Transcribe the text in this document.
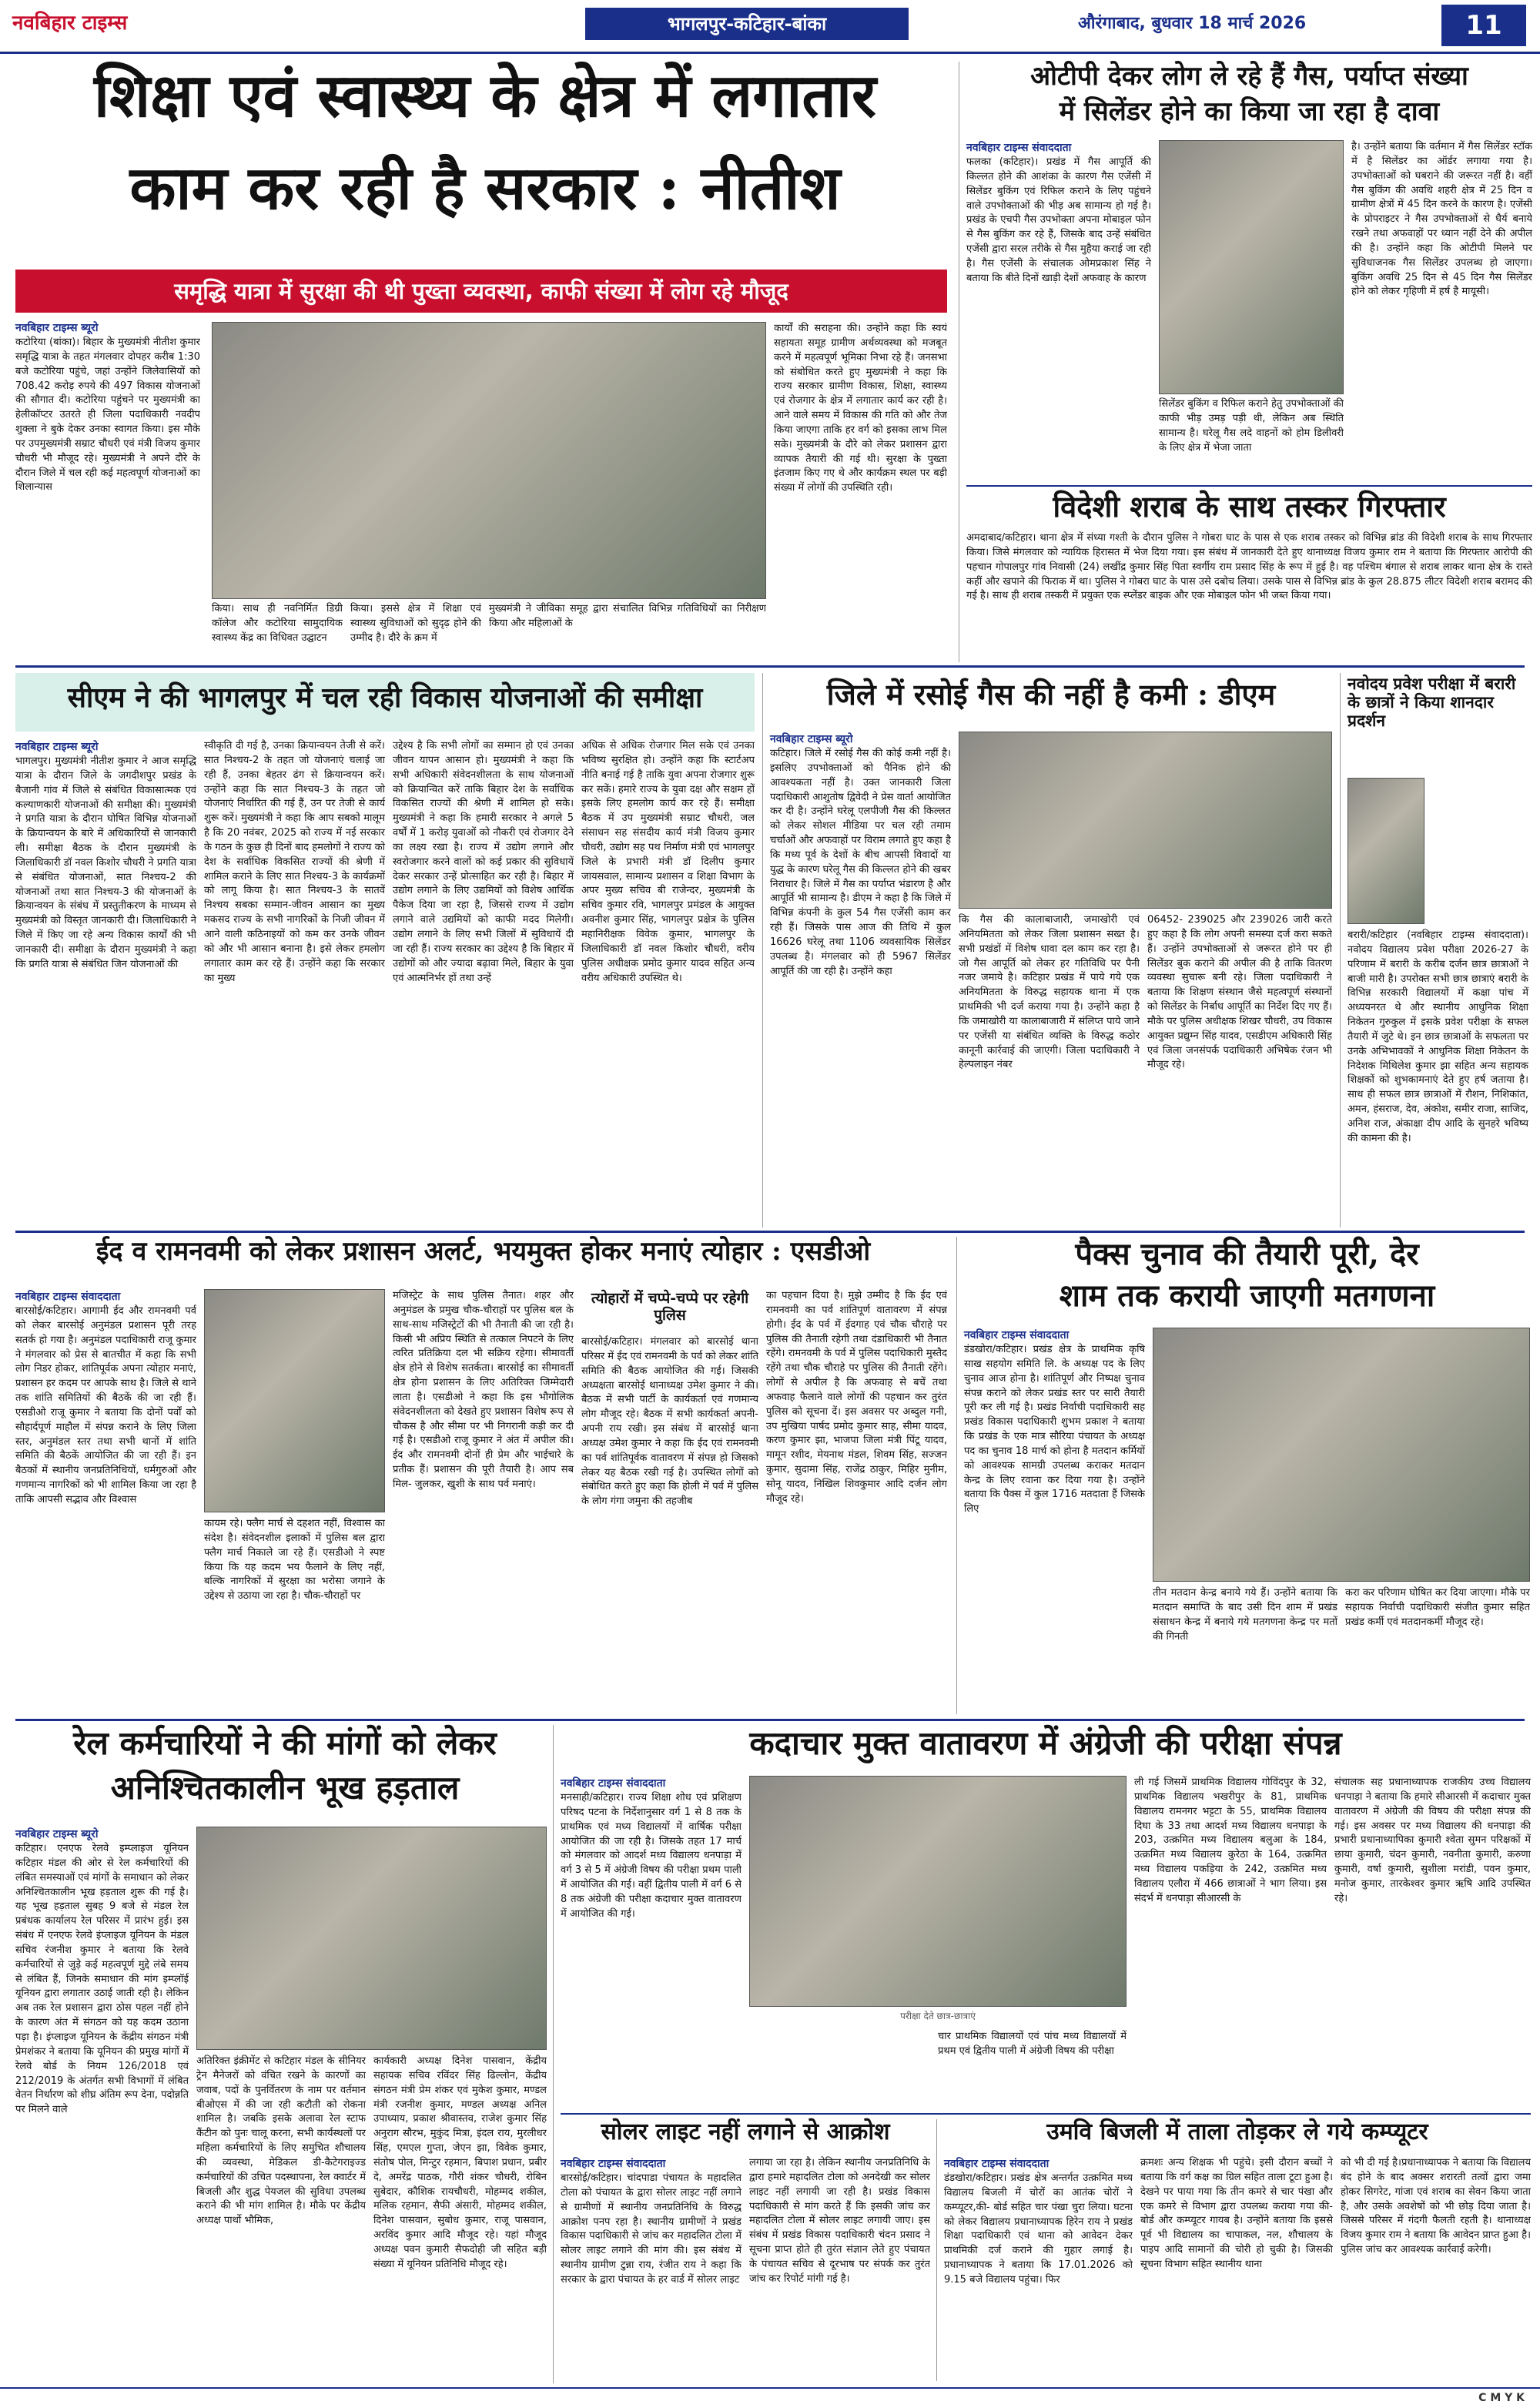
नवबिहार टाइम्स	भागलपुर-कटिहार-बांका	औरंगाबाद, बुधवार 18 मार्च 2026	11
शिक्षा एवं स्वास्थ्य के क्षेत्र में लगातार
काम कर रही है सरकार : नीतीश
समृद्धि यात्रा में सुरक्षा की थी पुख्ता व्यवस्था, काफी संख्या में लोग रहे मौजूद
नवबिहार टाइम्स ब्यूरो
कटोरिया (बांका)। बिहार के मुख्यमंत्री नीतीश कुमार समृद्धि यात्रा के तहत मंगलवार दोपहर करीब 1:30 बजे कटोरिया पहुंचे, जहां उन्होंने जिलेवासियों को 708.42 करोड़ रुपये की 497 विकास योजनाओं की सौगात दी। कटोरिया पहुंचने पर मुख्यमंत्री का हेलीकॉप्टर उतरते ही जिला पदाधिकारी नवदीप शुक्ला ने बुके देकर उनका स्वागत किया। इस मौके पर उपमुख्यमंत्री सम्राट चौधरी एवं मंत्री विजय कुमार चौधरी भी मौजूद रहे। मुख्यमंत्री ने अपने दौरे के दौरान जिले में चल रही कई महत्वपूर्ण योजनाओं का शिलान्यास
किया। साथ ही नवनिर्मित डिग्री कॉलेज और कटोरिया सामुदायिक स्वास्थ्य केंद्र का विधिवत उद्घाटन
किया। इससे क्षेत्र में शिक्षा एवं स्वास्थ्य सुविधाओं को सुदृढ़ होने की उम्मीद है। दौरे के क्रम में
मुख्यमंत्री ने जीविका समूह द्वारा संचालित विभिन्न गतिविधियों का निरीक्षण किया और महिलाओं के
कार्यों की सराहना की। उन्होंने कहा कि स्वयं सहायता समूह ग्रामीण अर्थव्यवस्था को मजबूत करने में महत्वपूर्ण भूमिका निभा रहे हैं। जनसभा को संबोधित करते हुए मुख्यमंत्री ने कहा कि राज्य सरकार ग्रामीण विकास, शिक्षा, स्वास्थ्य एवं रोजगार के क्षेत्र में लगातार कार्य कर रही है। आने वाले समय में विकास की गति को और तेज किया जाएगा ताकि हर वर्ग को इसका लाभ मिल सके। मुख्यमंत्री के दौरे को लेकर प्रशासन द्वारा व्यापक तैयारी की गई थी। सुरक्षा के पुख्ता इंतजाम किए गए थे और कार्यक्रम स्थल पर बड़ी संख्या में लोगों की उपस्थिति रही।
ओटीपी देकर लोग ले रहे हैं गैस, पर्याप्त संख्या
में सिलेंडर होने का किया जा रहा है दावा
नवबिहार टाइम्स संवाददाता
फलका (कटिहार)। प्रखंड में गैस आपूर्ति की किल्लत होने की आशंका के कारण गैस एजेंसी में सिलेंडर बुकिंग एवं रिफिल कराने के लिए पहुंचने वाले उपभोक्ताओं की भीड़ अब सामान्य हो गई है। प्रखंड के एचपी गैस उपभोक्ता अपना मोबाइल फोन से गैस बुकिंग कर रहे हैं, जिसके बाद उन्हें संबंधित एजेंसी द्वारा सरल तरीके से गैस मुहैया कराई जा रही है। गैस एजेंसी के संचालक ओमप्रकाश सिंह ने बताया कि बीते दिनों खाड़ी देशों अफवाह के कारण
सिलेंडर बुकिंग व रिफिल कराने हेतु उपभोक्ताओं की काफी भीड़ उमड़ पड़ी थी, लेकिन अब स्थिति सामान्य है। घरेलू गैस लदे वाहनों को होम डिलीवरी के लिए क्षेत्र में भेजा जाता
है। उन्होंने बताया कि वर्तमान में गैस सिलेंडर स्टॉक में है सिलेंडर का ऑर्डर लगाया गया है। उपभोक्ताओं को घबराने की जरूरत नहीं है। वहीं गैस बुकिंग की अवधि शहरी क्षेत्र में 25 दिन व ग्रामीण क्षेत्रों में 45 दिन करने के कारण है। एजेंसी के प्रोपराइटर ने गैस उपभोक्ताओं से धैर्य बनाये रखने तथा अफवाहों पर ध्यान नहीं देने की अपील की है। उन्होंने कहा कि ओटीपी मिलने पर सुविधाजनक गैस सिलेंडर उपलब्ध हो जाएगा। बुकिंग अवधि 25 दिन से 45 दिन गैस सिलेंडर होने को लेकर गृहिणी में हर्ष है मायूसी।
विदेशी शराब के साथ तस्कर गिरफ्तार
अमदाबाद/कटिहार। थाना क्षेत्र में संध्या गश्ती के दौरान पुलिस ने गोबरा घाट के पास से एक शराब तस्कर को विभिन्न ब्रांड की विदेशी शराब के साथ गिरफ्तार किया। जिसे मंगलवार को न्यायिक हिरासत में भेज दिया गया। इस संबंध में जानकारी देते हुए थानाध्यक्ष विजय कुमार राम ने बताया कि गिरफ्तार आरोपी की पहचान गोपालपुर गांव निवासी (24) लखींद्र कुमार सिंह पिता स्वर्गीय राम प्रसाद सिंह के रूप में हुई है। वह पश्चिम बंगाल से शराब लाकर थाना क्षेत्र के रास्ते कहीं और खपाने की फिराक में था। पुलिस ने गोबरा घाट के पास उसे दबोच लिया। उसके पास से विभिन्न ब्रांड के कुल 28.875 लीटर विदेशी शराब बरामद की गई है। साथ ही शराब तस्करी में प्रयुक्त एक स्प्लेंडर बाइक और एक मोबाइल फोन भी जब्त किया गया।
सीएम ने की भागलपुर में चल रही विकास योजनाओं की समीक्षा
नवबिहार टाइम्स ब्यूरो
भागलपुर। मुख्यमंत्री नीतीश कुमार ने आज समृद्धि यात्रा के दौरान जिले के जगदीशपुर प्रखंड के बैजानी गांव में जिले से संबंधित विकासात्मक एवं कल्याणकारी योजनाओं की समीक्षा की। मुख्यमंत्री ने प्रगति यात्रा के दौरान घोषित विभिन्न योजनाओं के क्रियान्वयन के बारे में अधिकारियों से जानकारी ली। समीक्षा बैठक के दौरान मुख्यमंत्री के जिलाधिकारी डॉ नवल किशोर चौधरी ने प्रगति यात्रा से संबंधित योजनाओं, सात निश्चय-2 की योजनाओं तथा सात निश्चय-3 की योजनाओं के क्रियान्वयन के संबंध में प्रस्तुतीकरण के माध्यम से मुख्यमंत्री को विस्तृत जानकारी दी। जिलाधिकारी ने जिले में किए जा रहे अन्य विकास कार्यों की भी जानकारी दी। समीक्षा के दौरान मुख्यमंत्री ने कहा कि प्रगति यात्रा से संबंधित जिन योजनाओं की
स्वीकृति दी गई है, उनका क्रियान्वयन तेजी से करें। सात निश्चय-2 के तहत जो योजनाएं चलाई जा रही हैं, उनका बेहतर ढंग से क्रियान्वयन करें। उन्होंने कहा कि सात निश्चय-3 के तहत जो योजनाएं निर्धारित की गई हैं, उन पर तेजी से कार्य शुरू करें। मुख्यमंत्री ने कहा कि आप सबको मालूम है कि 20 नवंबर, 2025 को राज्य में नई सरकार के गठन के कुछ ही दिनों बाद हमलोगों ने राज्य को देश के सर्वाधिक विकसित राज्यों की श्रेणी में शामिल कराने के लिए सात निश्चय-3 के कार्यक्रमों को लागू किया है। सात निश्चय-3 के सातवें निश्चय सबका सम्मान-जीवन आसान का मुख्य मकसद राज्य के सभी नागरिकों के निजी जीवन में आने वाली कठिनाइयों को कम कर उनके जीवन को और भी आसान बनाना है। इसे लेकर हमलोग लगातार काम कर रहे हैं। उन्होंने कहा कि सरकार का मुख्य
उद्देश्य है कि सभी लोगों का सम्मान हो एवं उनका जीवन यापन आसान हो। मुख्यमंत्री ने कहा कि सभी अधिकारी संवेदनशीलता के साथ योजनाओं को क्रियान्वित करें ताकि बिहार देश के सर्वाधिक विकसित राज्यों की श्रेणी में शामिल हो सके। मुख्यमंत्री ने कहा कि हमारी सरकार ने अगले 5 वर्षों में 1 करोड़ युवाओं को नौकरी एवं रोजगार देने का लक्ष्य रखा है। राज्य में उद्योग लगाने और स्वरोजगार करने वालों को कई प्रकार की सुविधायें देकर सरकार उन्हें प्रोत्साहित कर रही है। बिहार में उद्योग लगाने के लिए उद्यमियों को विशेष आर्थिक पैकेज दिया जा रहा है, जिससे राज्य में उद्योग लगाने वाले उद्यमियों को काफी मदद मिलेगी। उद्योग लगाने के लिए सभी जिलों में सुविधायें दी जा रही हैं। राज्य सरकार का उद्देश्य है कि बिहार में उद्योगों को और ज्यादा बढ़ावा मिले, बिहार के युवा एवं आत्मनिर्भर हों तथा उन्हें
अधिक से अधिक रोजगार मिल सके एवं उनका भविष्य सुरक्षित हो। उन्होंने कहा कि स्टार्टअप नीति बनाई गई है ताकि युवा अपना रोजगार शुरू कर सकें। हमारे राज्य के युवा दक्ष और सक्षम हों इसके लिए हमलोग कार्य कर रहे हैं। समीक्षा बैठक में उप मुख्यमंत्री सम्राट चौधरी, जल संसाधन सह संसदीय कार्य मंत्री विजय कुमार चौधरी, उद्योग सह पथ निर्माण मंत्री एवं भागलपुर जिले के प्रभारी मंत्री डॉ दिलीप कुमार जायसवाल, सामान्य प्रशासन व शिक्षा विभाग के अपर मुख्य सचिव बी राजेन्दर, मुख्यमंत्री के सचिव कुमार रवि, भागलपुर प्रमंडल के आयुक्त अवनीश कुमार सिंह, भागलपुर प्रक्षेत्र के पुलिस महानिरीक्षक विवेक कुमार, भागलपुर के जिलाधिकारी डॉ नवल किशोर चौधरी, वरीय पुलिस अधीक्षक प्रमोद कुमार यादव सहित अन्य वरीय अधिकारी उपस्थित थे।
जिले में रसोई गैस की नहीं है कमी : डीएम
नवबिहार टाइम्स ब्यूरो
कटिहार। जिले में रसोई गैस की कोई कमी नहीं है। इसलिए उपभोक्ताओं को पैनिक होने की आवश्यकता नहीं है। उक्त जानकारी जिला पदाधिकारी आशुतोष द्विवेदी ने प्रेस वार्ता आयोजित कर दी है। उन्होंने घरेलू एलपीजी गैस की किल्लत को लेकर सोशल मीडिया पर चल रही तमाम चर्चाओं और अफवाहों पर विराम लगाते हुए कहा है कि मध्य पूर्व के देशों के बीच आपसी विवादों या युद्ध के कारण घरेलू गैस की किल्लत होने की खबर निराधार है। जिले में गैस का पर्याप्त भंडारण है और आपूर्ति भी सामान्य है। डीएम ने कहा है कि जिले में विभिन्न कंपनी के कुल 54 गैस एजेंसी काम कर रही हैं। जिसके पास आज की तिथि में कुल 16626 घरेलू तथा 1106 व्यवसायिक सिलेंडर उपलब्ध है। मंगलवार को ही 5967 सिलेंडर आपूर्ति की जा रही है। उन्होंने कहा
कि गैस की कालाबाजारी, जमाखोरी एवं अनियमितता को लेकर जिला प्रशासन सख्त है। सभी प्रखंडों में विशेष धावा दल काम कर रहा है। जो गैस आपूर्ति को लेकर हर गतिविधि पर पैनी नजर जमाये है। कटिहार प्रखंड में पाये गये एक अनियमितता के विरुद्ध सहायक थाना में एक प्राथमिकी भी दर्ज कराया गया है। उन्होंने कहा है कि जमाखोरी या कालाबाजारी में संलिप्त पाये जाने पर एजेंसी या संबंधित व्यक्ति के विरुद्ध कठोर कानूनी कार्रवाई की जाएगी। जिला पदाधिकारी ने हेल्पलाइन नंबर
06452- 239025 और 239026 जारी करते हुए कहा है कि लोग अपनी समस्या दर्ज करा सकते हैं। उन्होंने उपभोक्ताओं से जरूरत होने पर ही सिलेंडर बुक कराने की अपील की है ताकि वितरण व्यवस्था सुचारू बनी रहे। जिला पदाधिकारी ने बताया कि शिक्षण संस्थान जैसे महत्वपूर्ण संस्थानों को सिलेंडर के निर्बाध आपूर्ति का निर्देश दिए गए हैं। मौके पर पुलिस अधीक्षक शिखर चौधरी, उप विकास आयुक्त प्रद्युम्न सिंह यादव, एसडीएम अधिकारी सिंह एवं जिला जनसंपर्क पदाधिकारी अभिषेक रंजन भी मौजूद रहे।
नवोदय प्रवेश परीक्षा में बरारी के छात्रों ने किया शानदार प्रदर्शन
बरारी/कटिहार (नवबिहार टाइम्स संवाददाता)। नवोदय विद्यालय प्रवेश परीक्षा 2026-27 के परिणाम में बरारी के करीब दर्जन छात्र छात्राओं ने बाजी मारी है। उपरोक्त सभी छात्र छात्राएं बरारी के विभिन्न सरकारी विद्यालयों में कक्षा पांच में अध्ययनरत थे और स्थानीय आधुनिक शिक्षा निकेतन गुरुकुल में इसके प्रवेश परीक्षा के सफल तैयारी में जुटे थे। इन छात्र छात्राओं के सफलता पर उनके अभिभावकों ने आधुनिक शिक्षा निकेतन के निदेशक मिथिलेश कुमार झा सहित अन्य सहायक शिक्षकों को शुभकामनाएं देते हुए हर्ष जताया है। साथ ही सफल छात्र छात्राओं में रौशन, निशिकांत, अमन, हंसराज, देव, अंकोश, समीर राजा, साजिद, अनिश राज, अंकाक्षा दीप आदि के सुनहरे भविष्य की कामना की है।
ईद व रामनवमी को लेकर प्रशासन अलर्ट, भयमुक्त होकर मनाएं त्योहार : एसडीओ
नवबिहार टाइम्स संवाददाता
बारसोई/कटिहार। आगामी ईद और रामनवमी पर्व को लेकर बारसोई अनुमंडल प्रशासन पूरी तरह सतर्क हो गया है। अनुमंडल पदाधिकारी राजू कुमार ने मंगलवार को प्रेस से बातचीत में कहा कि सभी लोग निडर होकर, शांतिपूर्वक अपना त्योहार मनाएं, प्रशासन हर कदम पर आपके साथ है। जिले से थाने तक शांति समितियों की बैठकें की जा रही हैं। एसडीओ राजू कुमार ने बताया कि दोनों पर्वों को सौहार्दपूर्ण माहौल में संपन्न कराने के लिए जिला स्तर, अनुमंडल स्तर तथा सभी थानों में शांति समिति की बैठकें आयोजित की जा रही हैं। इन बैठकों में स्थानीय जनप्रतिनिधियों, धर्मगुरुओं और गणमान्य नागरिकों को भी शामिल किया जा रहा है ताकि आपसी सद्भाव और विश्वास
कायम रहे। फ्लैग मार्च से दहशत नहीं, विश्वास का संदेश है। संवेदनशील इलाकों में पुलिस बल द्वारा फ्लैग मार्च निकाले जा रहे हैं। एसडीओ ने स्पष्ट किया कि यह कदम भय फैलाने के लिए नहीं, बल्कि नागरिकों में सुरक्षा का भरोसा जगाने के उद्देश्य से उठाया जा रहा है। चौक-चौराहों पर
मजिस्ट्रेट के साथ पुलिस तैनात। शहर और अनुमंडल के प्रमुख चौक-चौराहों पर पुलिस बल के साथ-साथ मजिस्ट्रेटों की भी तैनाती की जा रही है। किसी भी अप्रिय स्थिति से तत्काल निपटने के लिए त्वरित प्रतिक्रिया दल भी सक्रिय रहेगा। सीमावर्ती क्षेत्र होने से विशेष सतर्कता। बारसोई का सीमावर्ती क्षेत्र होना प्रशासन के लिए अतिरिक्त जिम्मेदारी लाता है। एसडीओ ने कहा कि इस भौगोलिक संवेदनशीलता को देखते हुए प्रशासन विशेष रूप से चौकस है और सीमा पर भी निगरानी कड़ी कर दी गई है। एसडीओ राजू कुमार ने अंत में अपील की। ईद और रामनवमी दोनों ही प्रेम और भाईचारे के प्रतीक हैं। प्रशासन की पूरी तैयारी है। आप सब मिल- जुलकर, खुशी के साथ पर्व मनाएं।
त्योहारों में चप्पे-चप्पे पर रहेगी पुलिस
बारसोई/कटिहार। मंगलवार को बारसोई थाना परिसर में ईद एवं रामनवमी के पर्व को लेकर शांति समिति की बैठक आयोजित की गई। जिसकी अध्यक्षता बारसोई थानाध्यक्ष उमेश कुमार ने की। बैठक में सभी पार्टी के कार्यकर्ता एवं गणमान्य लोग मौजूद रहे। बैठक में सभी कार्यकर्ता अपनी-अपनी राय रखी। इस संबंध में बारसोई थाना अध्यक्ष उमेश कुमार ने कहा कि ईद एवं रामनवमी का पर्व शांतिपूर्वक वातावरण में संपन्न हो जिसको लेकर यह बैठक रखी गई है। उपस्थित लोगों को संबोधित करते हुए कहा कि होली में पर्व में पुलिस के लोग गंगा जमुना की तहजीब
का पहचान दिया है। मुझे उम्मीद है कि ईद एवं रामनवमी का पर्व शांतिपूर्ण वातावरण में संपन्न होगी। ईद के पर्व में ईदगाह एवं चौक चौराहे पर पुलिस की तैनाती रहेगी तथा दंडाधिकारी भी तैनात रहेंगे। रामनवमी के पर्व में पुलिस पदाधिकारी मुस्तैद रहेंगे तथा चौक चौराहे पर पुलिस की तैनाती रहेंगे। लोगों से अपील है कि अफवाह से बचें तथा अफवाह फैलाने वाले लोगों की पहचान कर तुरंत पुलिस को सूचना दें। इस अवसर पर अब्दुल गनी, उप मुखिया पार्षद प्रमोद कुमार साह, सीमा यादव, करण कुमार झा, भाजपा जिला मंत्री पिंटू यादव, मामून रशीद, मेयनाथ मंडल, शिवम सिंह, सज्जन कुमार, सुदामा सिंह, राजेंद्र ठाकुर, मिहिर मुनीम, सोनू यादव, निखिल शिवकुमार आदि दर्जन लोग मौजूद रहे।
पैक्स चुनाव की तैयारी पूरी, देर
शाम तक करायी जाएगी मतगणना
नवबिहार टाइम्स संवाददाता
डंडखोरा/कटिहार। प्रखंड क्षेत्र के प्राथमिक कृषि साख सहयोग समिति लि. के अध्यक्ष पद के लिए चुनाव आज होना है। शांतिपूर्ण और निष्पक्ष चुनाव संपन्न कराने को लेकर प्रखंड स्तर पर सारी तैयारी पूरी कर ली गई है। प्रखंड निर्वाची पदाधिकारी सह प्रखंड विकास पदाधिकारी शुभम प्रकाश ने बताया कि प्रखंड के एक मात्र सौरिया पंचायत के अध्यक्ष पद का चुनाव 18 मार्च को होना है मतदान कर्मियों को आवश्यक सामग्री उपलब्ध कराकर मतदान केन्द्र के लिए रवाना कर दिया गया है। उन्होंने बताया कि पैक्स में कुल 1716 मतदाता हैं जिसके लिए
तीन मतदान केन्द्र बनाये गये हैं। उन्होंने बताया कि मतदान समाप्ति के बाद उसी दिन शाम में प्रखंड संसाधन केन्द्र में बनाये गये मतगणना केन्द्र पर मतों की गिनती
करा कर परिणाम घोषित कर दिया जाएगा। मौके पर सहायक निर्वाची पदाधिकारी संजीत कुमार सहित प्रखंड कर्मी एवं मतदानकर्मी मौजूद रहे।
रेल कर्मचारियों ने की मांगों को लेकर
अनिश्चितकालीन भूख हड़ताल
नवबिहार टाइम्स ब्यूरो
कटिहार। एनएफ रेलवे इम्प्लाइज यूनियन कटिहार मंडल की ओर से रेल कर्मचारियों की लंबित समस्याओं एवं मांगों के समाधान को लेकर अनिश्चितकालीन भूख हड़ताल शुरू की गई है। यह भूख हड़ताल सुबह 9 बजे से मंडल रेल प्रबंधक कार्यालय रेल परिसर में प्रारंभ हुई। इस संबंध में एनएफ रेलवे इंप्लाइज यूनियन के मंडल सचिव रंजनीश कुमार ने बताया कि रेलवे कर्मचारियों से जुड़े कई महत्वपूर्ण मुद्दे लंबे समय से लंबित हैं, जिनके समाधान की मांग इम्प्लॉई यूनियन द्वारा लगातार उठाई जाती रही है। लेकिन अब तक रेल प्रशासन द्वारा ठोस पहल नहीं होने के कारण अंत में संगठन को यह कदम उठाना पड़ा है। इंप्लाइज यूनियन के केंद्रीय संगठन मंत्री प्रेमशंकर ने बताया कि यूनियन की प्रमुख मांगों में रेलवे बोर्ड के नियम 126/2018 एवं 212/2019 के अंतर्गत सभी विभागों में लंबित वेतन निर्धारण को शीघ्र अंतिम रूप देना, पदोन्नति पर मिलने वाले
अतिरिक्त इंक्रीमेंट से कटिहार मंडल के सीनियर ट्रेन मैनेजरों को वंचित रखने के कारणों का जवाब, पदों के पुनर्वितरण के नाम पर वर्तमान बीओएस में की जा रही कटौती को रोकना शामिल है। जबकि इसके अलावा रेल स्टाफ कैंटीन को पुनः चालू करना, सभी कार्यस्थलों पर महिला कर्मचारियों के लिए समुचित शौचालय की व्यवस्था, मेडिकल डी-कैटेगराइज्ड कर्मचारियों की उचित पदस्थापना, रेल क्वार्टर में बिजली और शुद्ध पेयजल की सुविधा उपलब्ध कराने की भी मांग शामिल है। मौके पर केंद्रीय अध्यक्ष पार्थो भौमिक,
कार्यकारी अध्यक्ष दिनेश पासवान, केंद्रीय सहायक सचिव रविंदर सिंह ढिल्लोन, केंद्रीय संगठन मंत्री प्रेम शंकर एवं मुकेश कुमार, मण्डल मंत्री रजनीश कुमार, मण्डल अध्यक्ष अनिल उपाध्याय, प्रकाश श्रीवास्तव, राजेश कुमार सिंह अनुराग सौरभ, मुकुंद मित्रा, इंदल राय, मुरलीधर सिंह, एमएल गुप्ता, जेएन झा, विवेक कुमार, संतोष पोल, मिन्टुर रहमान, बिपाश प्रधान, प्रबीर दे, अमरेंद्र पाठक, गौरी शंकर चौधरी, रोबिन सुबेदार, कौशिक रायचौधरी, मोहम्मद शकील, मलिक रहमान, सैफी अंसारी, मोहम्मद शकील, दिनेश पासवान, सुबोध कुमार, राजू पासवान, अरविंद कुमार आदि मौजूद रहे। यहां मौजूद अध्यक्ष पवन कुमारी सैफदोही जी सहित बड़ी संख्या में यूनियन प्रतिनिधि मौजूद रहे।
कदाचार मुक्त वातावरण में अंग्रेजी की परीक्षा संपन्न
नवबिहार टाइम्स संवाददाता
मनसाही/कटिहार। राज्य शिक्षा शोध एवं प्रशिक्षण परिषद पटना के निर्देशानुसार वर्ग 1 से 8 तक के प्राथमिक एवं मध्य विद्यालयों में वार्षिक परीक्षा आयोजित की जा रही है। जिसके तहत 17 मार्च को मंगलवार को आदर्श मध्य विद्यालय धनपाड़ा में वर्ग 3 से 5 में अंग्रेजी विषय की परीक्षा प्रथम पाली में आयोजित की गई। वहीं द्वितीय पाली में वर्ग 6 से 8 तक अंग्रेजी की परीक्षा कदाचार मुक्त वातावरण में आयोजित की गई।
परीक्षा देते छात्र-छात्राएं
चार प्राथमिक विद्यालयों एवं पांच मध्य विद्यालयों में प्रथम एवं द्वितीय पाली में अंग्रेजी विषय की परीक्षा
ली गई जिसमें प्राथमिक विद्यालय गोविंदपुर के 32, प्राथमिक विद्यालय भखरीपुर के 81, प्राथमिक विद्यालय रामनगर भट्टटा के 55, प्राथमिक विद्यालय दिघा के 33 तथा आदर्श मध्य विद्यालय धनपाड़ा के 203, उत्क्रमित मध्य विद्यालय बलुआ के 184, उत्क्रमित मध्य विद्यालय कुरेठा के 164, उत्क्रमित मध्य विद्यालय पकड़िया के 242, उत्क्रमित मध्य विद्यालय एलौरा में 466 छात्राओं ने भाग लिया। इस संदर्भ में धनपाड़ा सीआरसी के
संचालक सह प्रधानाध्यापक राजकीय उच्च विद्यालय धनपाड़ा ने बताया कि हमारे सीआरसी में कदाचार मुक्त वातावरण में अंग्रेजी की विषय की परीक्षा संपन्न की गई। इस अवसर पर मध्य विद्यालय की धनपाड़ा की प्रभारी प्रधानाध्यापिका कुमारी श्वेता सुमन परिक्षकों में छाया कुमारी, चंदन कुमारी, नवनीता कुमारी, करुणा कुमारी, वर्षा कुमारी, सुशीला मरांडी, पवन कुमार, मनोज कुमार, तारकेश्वर कुमार ऋषि आदि उपस्थित रहे।
सोलर लाइट नहीं लगाने से आक्रोश
नवबिहार टाइम्स संवाददाता
बारसोई/कटिहार। चांदपाडा पंचायत के महादलित टोला को पंचायत के द्वारा सोलर लाइट नहीं लगाने से ग्रामीणों में स्थानीय जनप्रतिनिधि के विरुद्ध आक्रोश पनप रहा है। स्थानीय ग्रामीणों ने प्रखंड विकास पदाधिकारी से जांच कर महादलित टोला में सोलर लाइट लगाने की मांग की। इस संबंध में स्थानीय ग्रामीण टुन्ना राय, रंजीत राय ने कहा कि सरकार के द्वारा पंचायत के हर वार्ड में सोलर लाइट
लगाया जा रहा है। लेकिन स्थानीय जनप्रतिनिधि के द्वारा हमारे महादलित टोला को अनदेखी कर सोलर लाइट नहीं लगायी जा रही है। प्रखंड विकास पदाधिकारी से मांग करते हैं कि इसकी जांच कर महादलित टोला में सोलर लाइट लगायी जाए। इस संबंध में प्रखंड विकास पदाधिकारी चंदन प्रसाद ने सूचना प्राप्त होते ही तुरंत संज्ञान लेते हुए पंचायत के पंचायत सचिव से दूरभाष पर संपर्क कर तुरंत जांच कर रिपोर्ट मांगी गई है।
उमवि बिजली में ताला तोड़कर ले गये कम्प्यूटर
नवबिहार टाइम्स संवाददाता
डंडखोरा/कटिहार। प्रखंड क्षेत्र अन्तर्गत उत्क्रमित मध्य विद्यालय बिजली में चोरों का आतंक चोरों ने कम्प्यूटर,की- बोर्ड सहित चार पंखा चुरा लिया। घटना को लेकर विद्यालय प्रधानाध्यापक हिरेन राय ने प्रखंड शिक्षा पदाधिकारी एवं थाना को आवेदन देकर प्राथमिकी दर्ज कराने की गुहार लगाई है। प्रधानाध्यापक ने बताया कि 17.01.2026 को 9.15 बजे विद्यालय पहुंचा। फिर
क्रमशः अन्य शिक्षक भी पहुंचे। इसी दौरान बच्चों ने बताया कि वर्ग कक्ष का ग्रिल सहित ताला टूटा हुआ है। देखने पर पाया गया कि तीन कमरे से चार पंखा और एक कमरे से विभाग द्वारा उपलब्ध कराया गया की-बोर्ड और कम्प्यूटर गायब है। उन्होंने बताया कि इससे पूर्व भी विद्यालय का चापाकल, नल, शौचालय के पाइप आदि सामानों की चोरी हो चुकी है। जिसकी सूचना विभाग सहित स्थानीय थाना
को भी दी गई है।प्रधानाध्यापक ने बताया कि विद्यालय बंद होने के बाद अक्सर शरारती तत्वों द्वारा जमा होकर सिगरेट, गांजा एवं शराब का सेवन किया जाता है, और उसके अवशेषों को भी छोड़ दिया जाता है। जिससे परिसर में गंदगी फैलती रहती है। थानाध्यक्ष विजय कुमार राम ने बताया कि आवेदन प्राप्त हुआ है। पुलिस जांच कर आवश्यक कार्रवाई करेगी।
C M Y K
